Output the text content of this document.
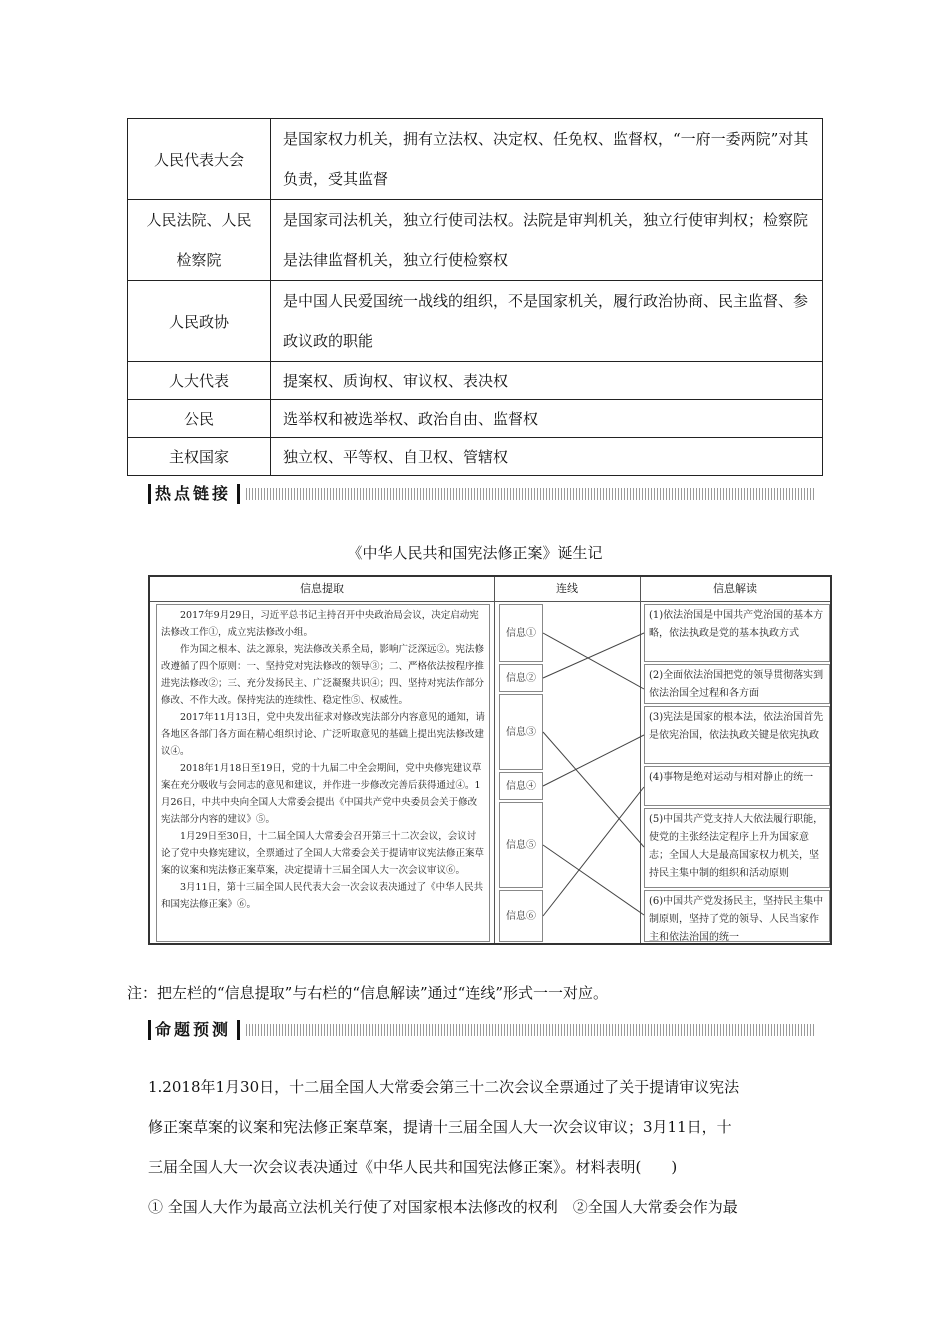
人民代表大会	是国家权力机关，拥有立法权、决定权、任免权、监督权，“一府一委两院”对其负责，受其监督
人民法院、人民检察院	是国家司法机关，独立行使司法权。法院是审判机关，独立行使审判权；检察院是法律监督机关，独立行使检察权
人民政协	是中国人民爱国统一战线的组织，不是国家机关，履行政治协商、民主监督、参政议政的职能
人大代表	提案权、质询权、审议权、表决权
公民	选举权和被选举权、政治自由、监督权
主权国家	独立权、平等权、自卫权、管辖权
热点链接
《中华人民共和国宪法修正案》诞生记
信息提取	连线	信息解读

2017年9月29日，习近平总书记主持召开中央政治局会议，决定启动宪法修改工作①，成立宪法修改小组。

作为国之根本、法之源泉，宪法修改关系全局，影响广泛深远②。宪法修改遵循了四个原则：一、坚持党对宪法修改的领导③；二、严格依法按程序推进宪法修改②；三、充分发扬民主、广泛凝聚共识④；四、坚持对宪法作部分修改、不作大改。保持宪法的连续性、稳定性⑤、权威性。

2017年11月13日，党中央发出征求对修改宪法部分内容意见的通知，请各地区各部门各方面在精心组织讨论、广泛听取意见的基础上提出宪法修改建议④。

2018年1月18日至19日，党的十九届二中全会期间，党中央修宪建议草案在充分吸收与会同志的意见和建议，并作进一步修改完善后获得通过④。1月26日，中共中央向全国人大常委会提出《中国共产党中央委员会关于修改宪法部分内容的建议》⑤。

1月29日至30日，十二届全国人大常委会召开第三十二次会议，会议讨论了党中央修宪建议，全票通过了全国人大常委会关于提请审议宪法修正案草案的议案和宪法修正案草案，决定提请十三届全国人大一次会议审议⑥。

3月11日，第十三届全国人民代表大会一次会议表决通过了《中华人民共和国宪法修正案》⑥。

信息①
信息②
信息③
信息④
信息⑤
信息⑥
(1)依法治国是中国共产党治国的基本方略，依法执政是党的基本执政方式
(2)全面依法治国把党的领导贯彻落实到依法治国全过程和各方面
(3)宪法是国家的根本法，依法治国首先是依宪治国，依法执政关键是依宪执政
(4)事物是绝对运动与相对静止的统一
(5)中国共产党支持人大依法履行职能，使党的主张经法定程序上升为国家意志；全国人大是最高国家权力机关，坚持民主集中制的组织和活动原则
(6)中国共产党发扬民主，坚持民主集中制原则，坚持了党的领导、人民当家作主和依法治国的统一
注：把左栏的“信息提取”与右栏的“信息解读”通过“连线”形式一一对应。
命题预测
1.2018年1月30日，十二届全国人大常委会第三十二次会议全票通过了关于提请审议宪法
修正案草案的议案和宪法修正案草案，提请十三届全国人大一次会议审议；3月11日，十
三届全国人大一次会议表决通过《中华人民共和国宪法修正案》。材料表明(　　)
① 全国人大作为最高立法机关行使了对国家根本法修改的权利　②全国人大常委会作为最
